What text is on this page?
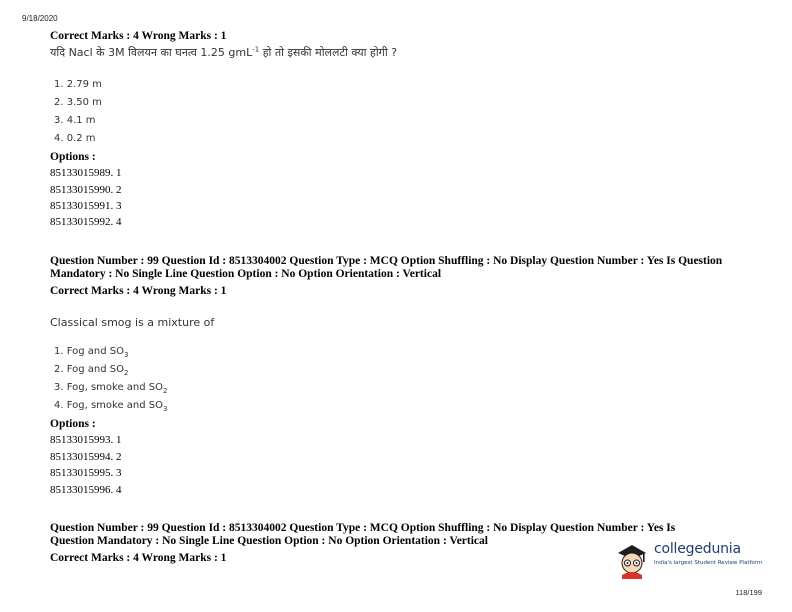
9/18/2020
Correct Marks : 4 Wrong Marks : 1
यदि Nacl के 3M विलयन का घनत्व 1.25 gmL$^{-1}$ हो तो इसकी मोललटी क्या होगी ?
1. 2.79 m
2. 3.50 m
3. 4.1 m
4. 0.2 m
Options :
85133015989. 1
85133015990. 2
85133015991. 3
85133015992. 4
Question Number : 99 Question Id : 8513304002 Question Type : MCQ Option Shuffling : No Display Question Number : Yes Is Question Mandatory : No Single Line Question Option : No Option Orientation : Vertical
Correct Marks : 4 Wrong Marks : 1
Classical smog is a mixture of
1. Fog and $SO_3$
2. Fog and $SO_2$
3. Fog, smoke and $SO_2$
4. Fog, smoke and $SO_3$
Options :
85133015993. 1
85133015994. 2
85133015995. 3
85133015996. 4
Question Number : 99 Question Id : 8513304002 Question Type : MCQ Option Shuffling : No Display Question Number : Yes Is Question Mandatory : No Single Line Question Option : No Option Orientation : Vertical
Correct Marks : 4 Wrong Marks : 1
collegedunia
India's largest Student Review Platform
118/199
